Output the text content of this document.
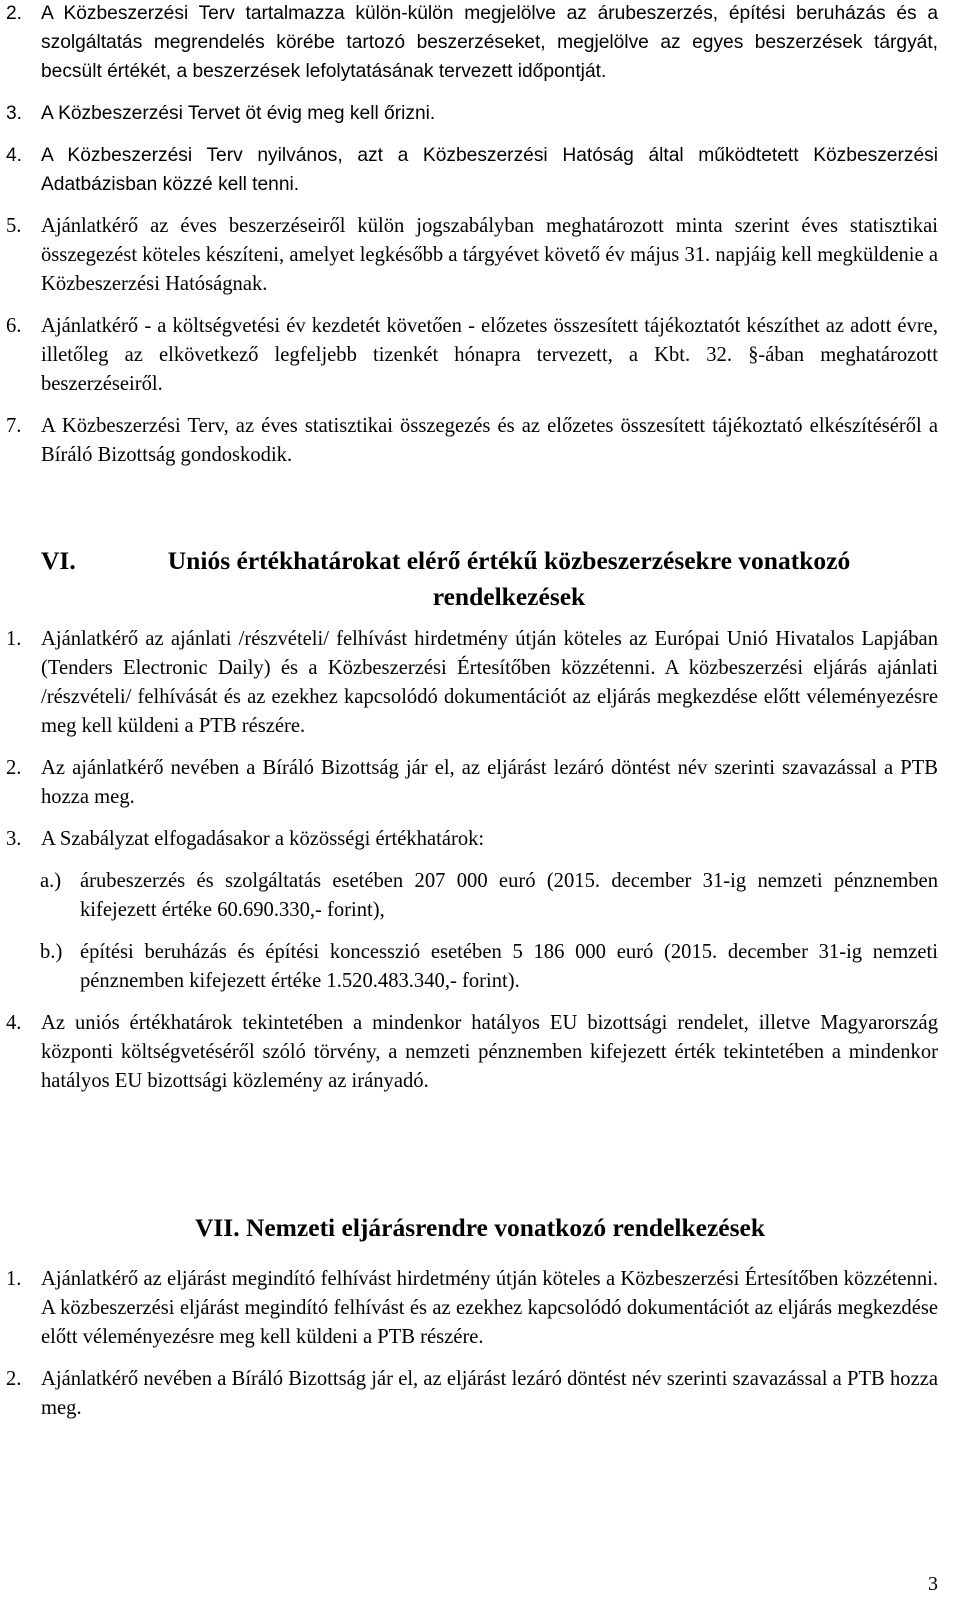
2. A Közbeszerzési Terv tartalmazza külön-külön megjelölve az árubeszerzés, építési beruházás és a szolgáltatás megrendelés körébe tartozó beszerzéseket, megjelölve az egyes beszerzések tárgyát, becsült értékét, a beszerzések lefolytatásának tervezett időpontját.
3. A Közbeszerzési Tervet öt évig meg kell őrizni.
4. A Közbeszerzési Terv nyilvános, azt a Közbeszerzési Hatóság által működtetett Közbeszerzési Adatbázisban közzé kell tenni.
5. Ajánlatkérő az éves beszerzéseiről külön jogszabályban meghatározott minta szerint éves statisztikai összegezést köteles készíteni, amelyet legkésőbb a tárgyévet követő év május 31. napjáig kell megküldenie a Közbeszerzési Hatóságnak.
6. Ajánlatkérő - a költségvetési év kezdetét követően - előzetes összesített tájékoztatót készíthet az adott évre, illetőleg az elkövetkező legfeljebb tizenkét hónapra tervezett, a Kbt. 32. §-ában meghatározott beszerzéseiről.
7. A Közbeszerzési Terv, az éves statisztikai összegezés és az előzetes összesített tájékoztató elkészítéséről a Bíráló Bizottság gondoskodik.
VI.	Uniós értékhatárokat elérő értékű közbeszerzésekre vonatkozó
rendelkezések
1. Ajánlatkérő az ajánlati /részvételi/ felhívást hirdetmény útján köteles az Európai Unió Hivatalos Lapjában (Tenders Electronic Daily) és a Közbeszerzési Értesítőben közzétenni. A közbeszerzési eljárás ajánlati /részvételi/ felhívását és az ezekhez kapcsolódó dokumentációt az eljárás megkezdése előtt véleményezésre meg kell küldeni a PTB részére.
2. Az ajánlatkérő nevében a Bíráló Bizottság jár el, az eljárást lezáró döntést név szerinti szavazással a PTB hozza meg.
3. A Szabályzat elfogadásakor a közösségi értékhatárok:
a.) árubeszerzés és szolgáltatás esetében 207 000 euró (2015. december 31-ig nemzeti pénznemben kifejezett értéke 60.690.330,- forint),
b.) építési beruházás és építési koncesszió esetében 5 186 000 euró (2015. december 31-ig nemzeti pénznemben kifejezett értéke 1.520.483.340,- forint).
4. Az uniós értékhatárok tekintetében a mindenkor hatályos EU bizottsági rendelet, illetve Magyarország központi költségvetéséről szóló törvény, a nemzeti pénznemben kifejezett érték tekintetében a mindenkor hatályos EU bizottsági közlemény az irányadó.
VII. Nemzeti eljárásrendre vonatkozó rendelkezések
1. Ajánlatkérő az eljárást megindító felhívást hirdetmény útján köteles a Közbeszerzési Értesítőben közzétenni. A közbeszerzési eljárást megindító felhívást és az ezekhez kapcsolódó dokumentációt az eljárás megkezdése előtt véleményezésre meg kell küldeni a PTB részére.
2. Ajánlatkérő nevében a Bíráló Bizottság jár el, az eljárást lezáró döntést név szerinti szavazással a PTB hozza meg.
3
